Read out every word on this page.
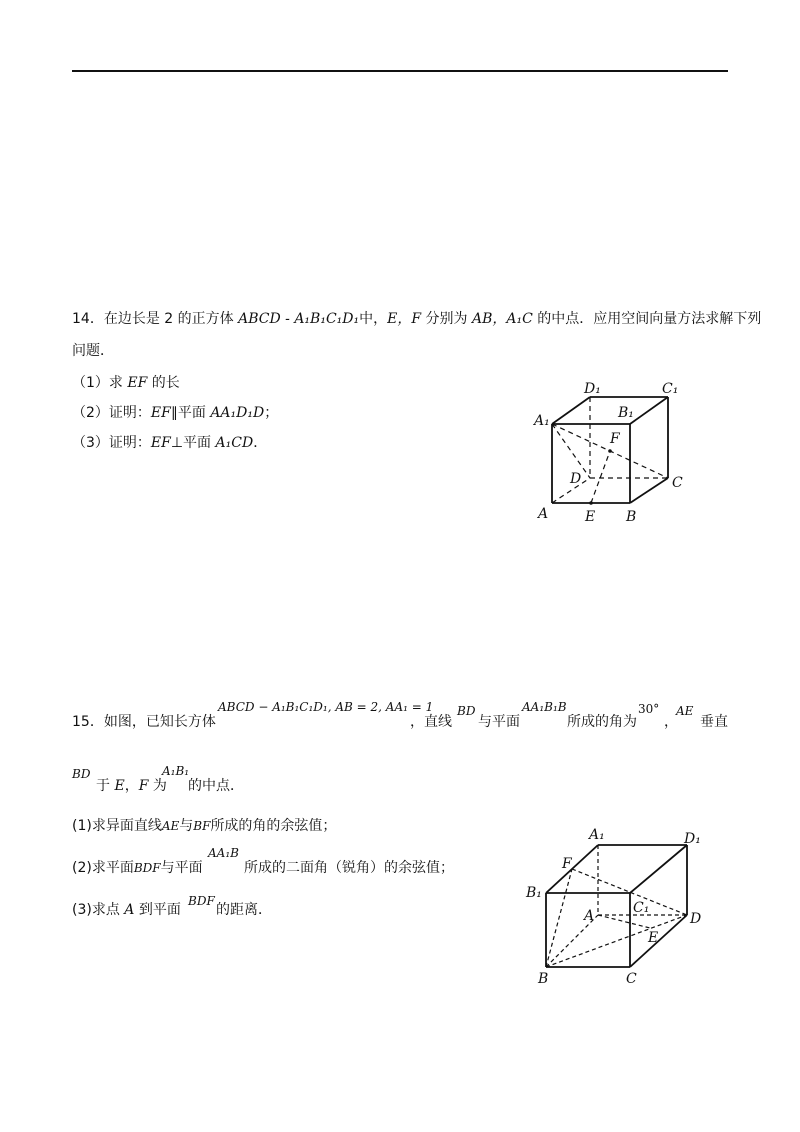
14．在边长是 2 的正方体 ABCD - A₁B₁C₁D₁中，E，F 分别为 AB，A₁C 的中点．应用空间向量方法求解下列
问题．
（1）求 EF 的长
（2）证明：EF∥平面 AA₁D₁D；
（3）证明：EF⊥平面 A₁CD．
D₁	C₁
B₁
A₁
F
D	C
A	E B
15．如图，已知长方体
ABCD − A₁B₁C₁D₁, AB = 2, AA₁ = 1
，直线
BD
与平面
AA₁B₁B
所成的角为
30°
，
AE
垂直
BD
于 E，F 为
A₁B₁
的中点．
(1)求异面直线AE与BF所成的角的余弦值；
(2)求平面BDF与平面
AA₁B
所成的二面角（锐角）的余弦值；
(3)求点 A 到平面
BDF
的距离．
A₁	D₁
F
B₁
A	C₁
D
E
B	C
